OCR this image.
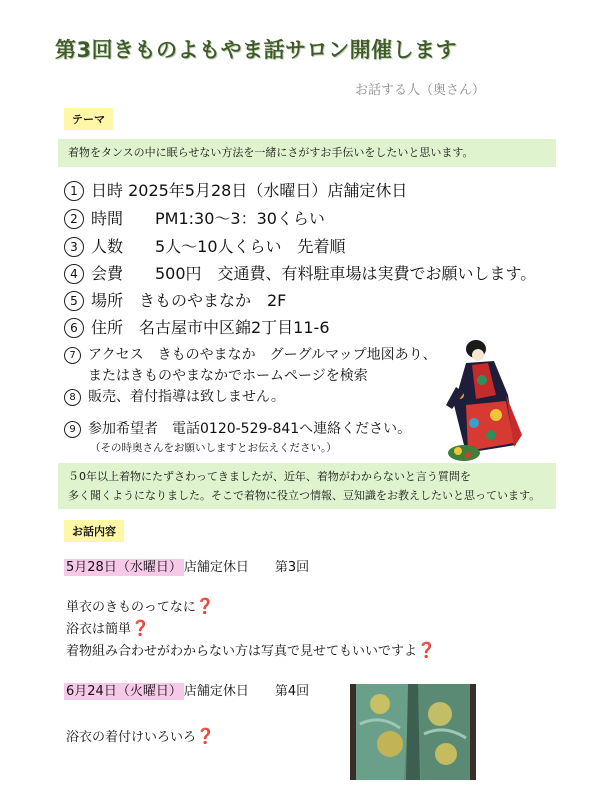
第3回きものよもやま話サロン開催します
お話する人（奥さん）
テーマ
着物をタンスの中に眠らせない方法を一緒にさがすお手伝いをしたいと思います。
1 日時 2025年5月28日（水曜日）店舗定休日
2 時間　　PM1:30～3：30くらい
3 人数　　5人～10人くらい　先着順
4 会費　　500円　交通費、有料駐車場は実費でお願いします。
5 場所　きものやまなか　2F
6 住所　名古屋市中区錦2丁目11-6
7 アクセス　きものやまなか　グーグルマップ地図あり、
またはきものやまなかでホームページを検索
8 販売、着付指導は致しません。
9 参加希望者　電話0120-529-841へ連絡ください。
（その時奥さんをお願いしますとお伝えください。）
５0年以上着物にたずさわってきましたが、近年、着物がわからないと言う質問を
多く聞くようになりました。そこで着物に役立つ情報、豆知識をお教えしたいと思っています。
お話内容
5月28日（水曜日） 店舗定休日　　第3回
単衣のきものってなに❓
浴衣は簡単❓
着物組み合わせがわからない方は写真で見せてもいいですよ❓
6月24日（火曜日） 店舗定休日　　第4回
浴衣の着付けいろいろ❓
